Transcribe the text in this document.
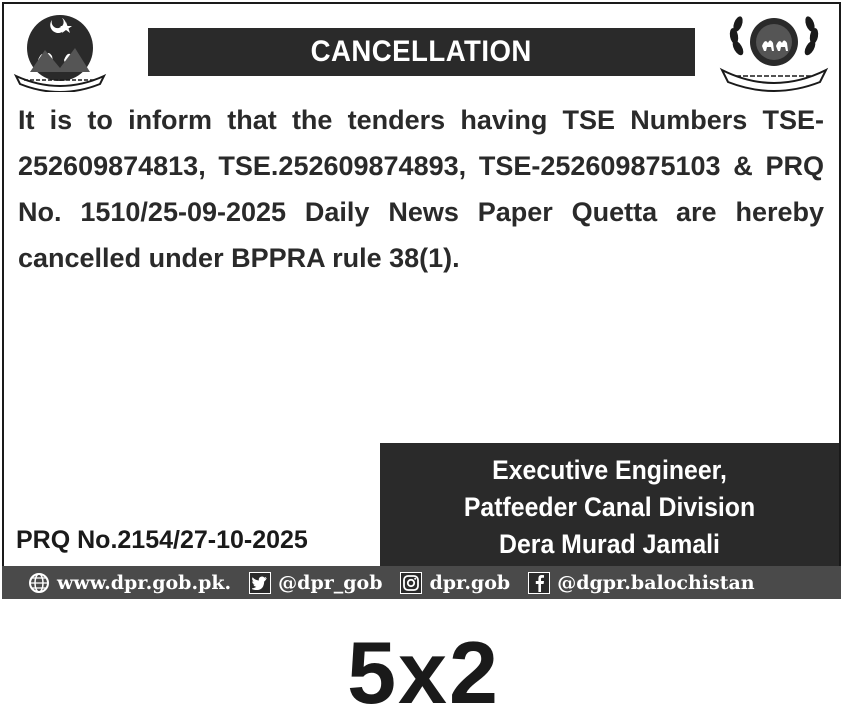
CANCELLATION
It is to inform that the tenders having TSE Numbers TSE-
252609874813, TSE.252609874893, TSE-252609875103 & PRQ
No. 1510/25-09-2025 Daily News Paper Quetta are hereby
cancelled under BPPRA rule 38(1).
PRQ No.2154/27-10-2025
Executive Engineer,
Patfeeder Canal Division
Dera Murad Jamali
www.dpr.gob.pk. @dpr_gob dpr.gob @dgpr.balochistan
5x2
